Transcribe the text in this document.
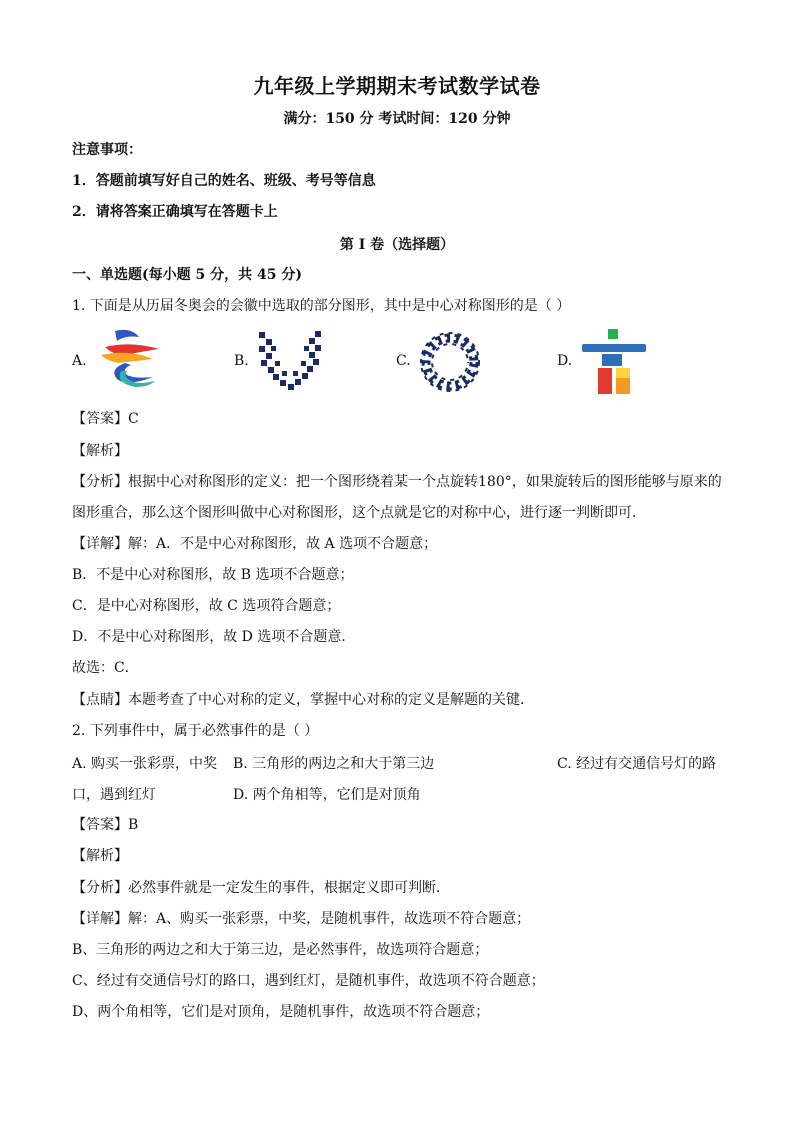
九年级上学期期末考试数学试卷
满分：150 分 考试时间：120 分钟
注意事项：
1．答题前填写好自己的姓名、班级、考号等信息
2．请将答案正确填写在答题卡上
第 I 卷（选择题）
一、单选题(每小题 5 分，共 45 分)
1. 下面是从历届冬奥会的会徽中选取的部分图形，其中是中心对称图形的是（ ）
A.	B.	C.	D.
【答案】C
【解析】
【分析】根据中心对称图形的定义：把一个图形绕着某一个点旋转180°，如果旋转后的图形能够与原来的
图形重合，那么这个图形叫做中心对称图形，这个点就是它的对称中心，进行逐一判断即可．
【详解】解：A．不是中心对称图形，故 A 选项不合题意；
B．不是中心对称图形，故 B 选项不合题意；
C．是中心对称图形，故 C 选项符合题意；
D．不是中心对称图形，故 D 选项不合题意．
故选：C．
【点睛】本题考查了中心对称的定义，掌握中心对称的定义是解题的关键．
2. 下列事件中，属于必然事件的是（ ）
A. 购买一张彩票，中奖 B. 三角形的两边之和大于第三边	C. 经过有交通信号灯的路
口，遇到红灯	D. 两个角相等，它们是对顶角
【答案】B
【解析】
【分析】必然事件就是一定发生的事件，根据定义即可判断．
【详解】解：A、购买一张彩票，中奖，是随机事件，故选项不符合题意；
B、三角形的两边之和大于第三边，是必然事件，故选项符合题意；
C、经过有交通信号灯的路口，遇到红灯，是随机事件，故选项不符合题意；
D、两个角相等，它们是对顶角，是随机事件，故选项不符合题意；
